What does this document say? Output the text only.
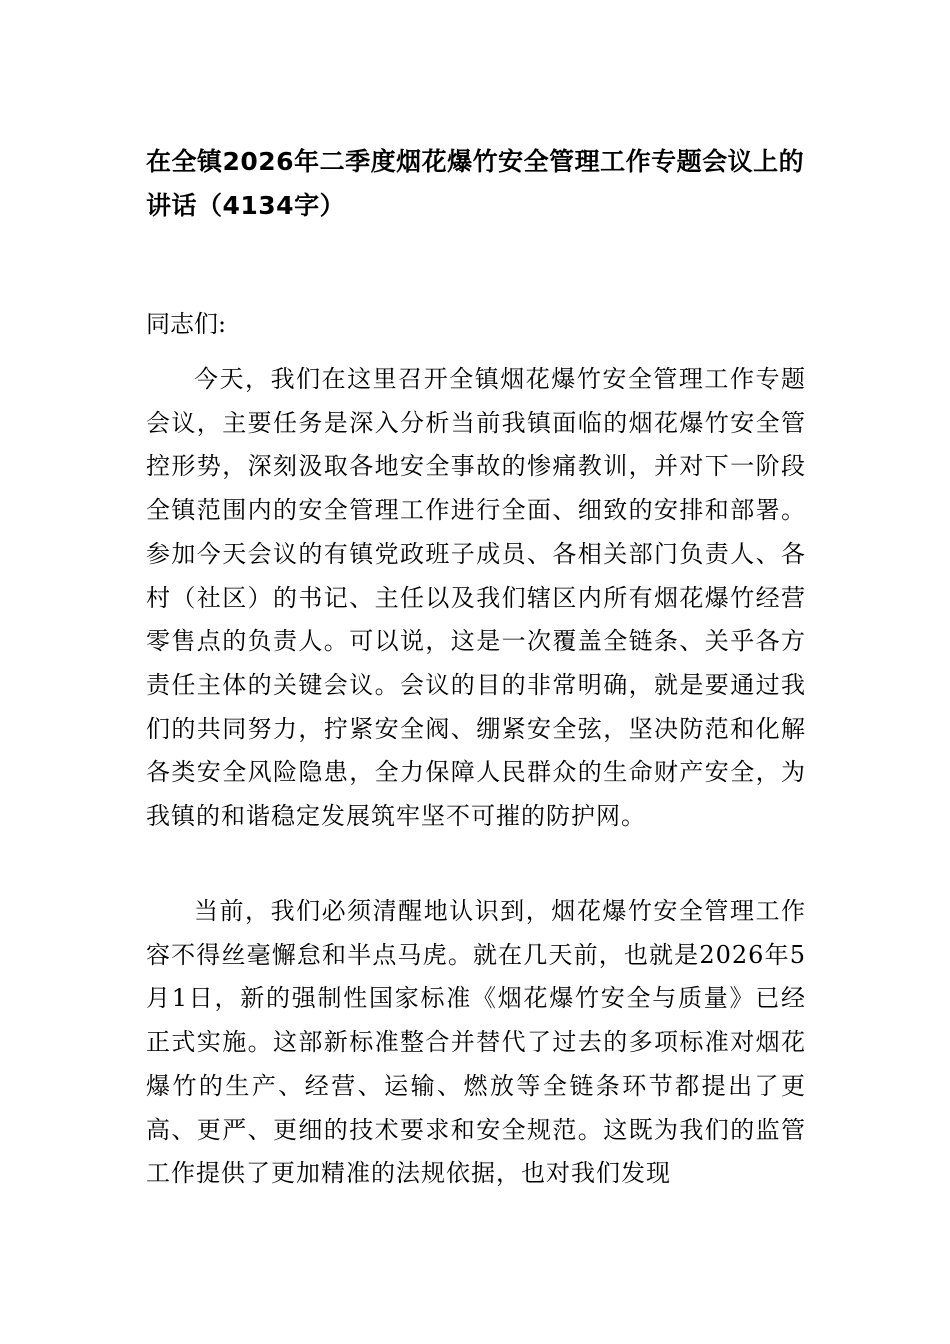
在全镇2026年二季度烟花爆竹安全管理工作专题会议上的讲话（4134字）

同志们:

今天，我们在这里召开全镇烟花爆竹安全管理工作专题会议，主要任务是深入分析当前我镇面临的烟花爆竹安全管控形势，深刻汲取各地安全事故的惨痛教训，并对下一阶段全镇范围内的安全管理工作进行全面、细致的安排和部署。参加今天会议的有镇党政班子成员、各相关部门负责人、各村（社区）的书记、主任以及我们辖区内所有烟花爆竹经营零售点的负责人。可以说，这是一次覆盖全链条、关乎各方责任主体的关键会议。会议的目的非常明确，就是要通过我们的共同努力，拧紧安全阀、绷紧安全弦，坚决防范和化解各类安全风险隐患，全力保障人民群众的生命财产安全，为我镇的和谐稳定发展筑牢坚不可摧的防护网。

当前，我们必须清醒地认识到，烟花爆竹安全管理工作容不得丝毫懈怠和半点马虎。就在几天前，也就是2026年5月1日，新的强制性国家标准《烟花爆竹安全与质量》已经正式实施。这部新标准整合并替代了过去的多项标准对烟花爆竹的生产、经营、运输、燃放等全链条环节都提出了更高、更严、更细的技术要求和安全规范。这既为我们的监管工作提供了更加精准的法规依据，也对我们发现
